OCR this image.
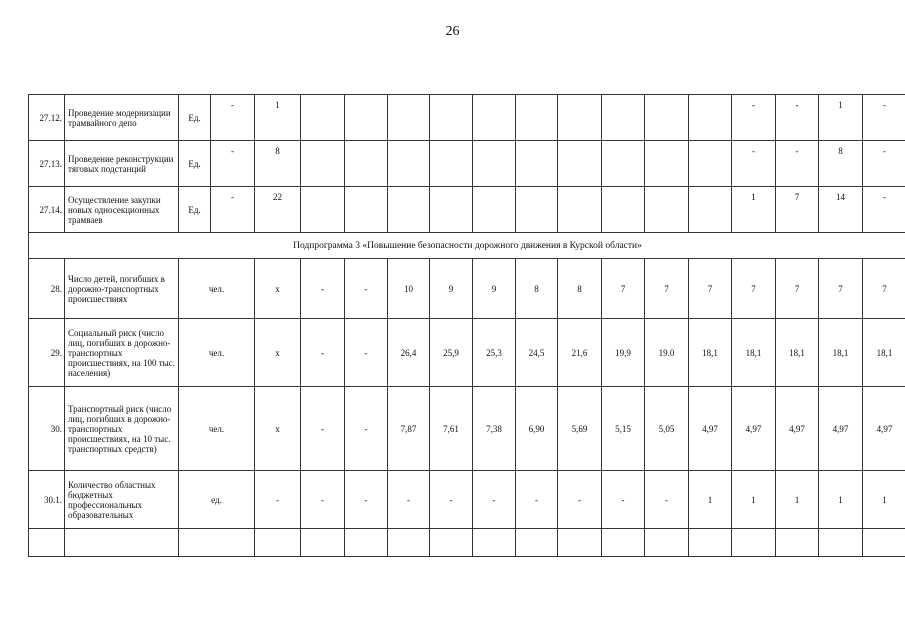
26
27.12.	Проведение модернизации трамвайного депо	Ед.	-	1											-	-	1	-
27.13.	Проведение реконструкции тяговых подстанций	Ед.	-	8											-	-	8	-
27.14.	Осуществление закупки новых односекционных трамваев	Ед.	-	22											1	7	14	-
Подпрограмма 3 «Повышение безопасности дорожного движения в Курской области»																		
28.	Число детей, погибших в дорожно-транспортных происшествиях	чел.		x	-	-	10	9	9	8	8	7	7	7	7	7	7	7
29.	Социальный риск (число лиц, погибших в дорожно-транспортных происшествиях, на 100 тыс. населения)	чел.		x	-	-	26,4	25,9	25,3	24,5	21,6	19,9	19.0	18,1	18,1	18,1	18,1	18,1
30.	Транспортный риск (число лиц, погибших в дорожно-транспортных происшествиях, на 10 тыс. транспортных средств)	чел.		x	-	-	7,87	7,61	7,38	6,90	5,69	5,15	5,05	4,97	4,97	4,97	4,97	4,97
30.1.	Количество областных бюджетных профессиональных образовательных	ед.		-	-	-	-	-	-	-	-	-	-	1	1	1	1	1
